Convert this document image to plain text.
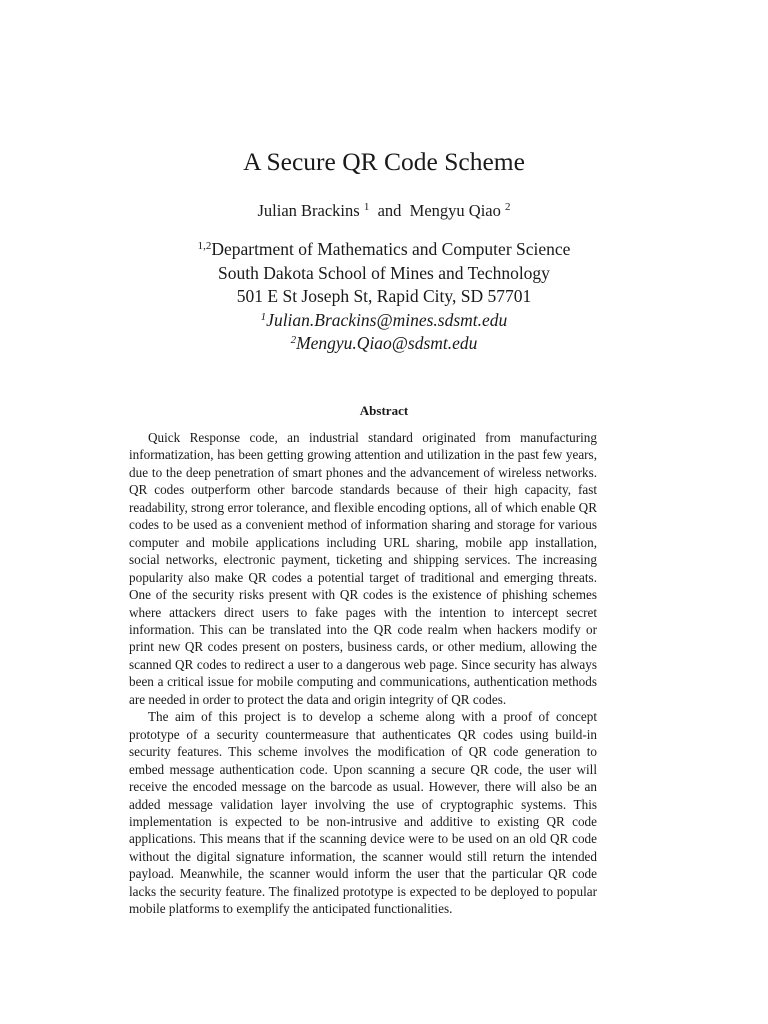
A Secure QR Code Scheme
Julian Brackins $^1$ and Mengyu Qiao $^2$
$^{1,2}$Department of Mathematics and Computer Science
South Dakota School of Mines and Technology
501 E St Joseph St, Rapid City, SD 57701
$^1$Julian.Brackins@mines.sdsmt.edu
$^2$Mengyu.Qiao@sdsmt.edu
Abstract

Quick Response code, an industrial standard originated from manufacturing informatization, has been getting growing attention and utilization in the past few years, due to the deep penetration of smart phones and the advancement of wireless networks. QR codes outperform other barcode standards because of their high capacity, fast readability, strong error tolerance, and flexible encoding options, all of which enable QR codes to be used as a convenient method of information sharing and storage for various computer and mobile applications including URL sharing, mobile app installation, social networks, electronic payment, ticketing and shipping services. The increasing popularity also make QR codes a potential target of traditional and emerging threats. One of the security risks present with QR codes is the existence of phishing schemes where attackers direct users to fake pages with the intention to intercept secret information. This can be translated into the QR code realm when hackers modify or print new QR codes present on posters, business cards, or other medium, allowing the scanned QR codes to redirect a user to a dangerous web page. Since security has always been a critical issue for mobile computing and communications, authentication methods are needed in order to protect the data and origin integrity of QR codes.

The aim of this project is to develop a scheme along with a proof of concept prototype of a security countermeasure that authenticates QR codes using build-in security features. This scheme involves the modification of QR code generation to embed message authentication code. Upon scanning a secure QR code, the user will receive the encoded message on the barcode as usual. However, there will also be an added message validation layer involving the use of cryptographic systems. This implementation is expected to be non-intrusive and additive to existing QR code applications. This means that if the scanning device were to be used on an old QR code without the digital signature information, the scanner would still return the intended payload. Meanwhile, the scanner would inform the user that the particular QR code lacks the security feature. The finalized prototype is expected to be deployed to popular mobile platforms to exemplify the anticipated functionalities.
